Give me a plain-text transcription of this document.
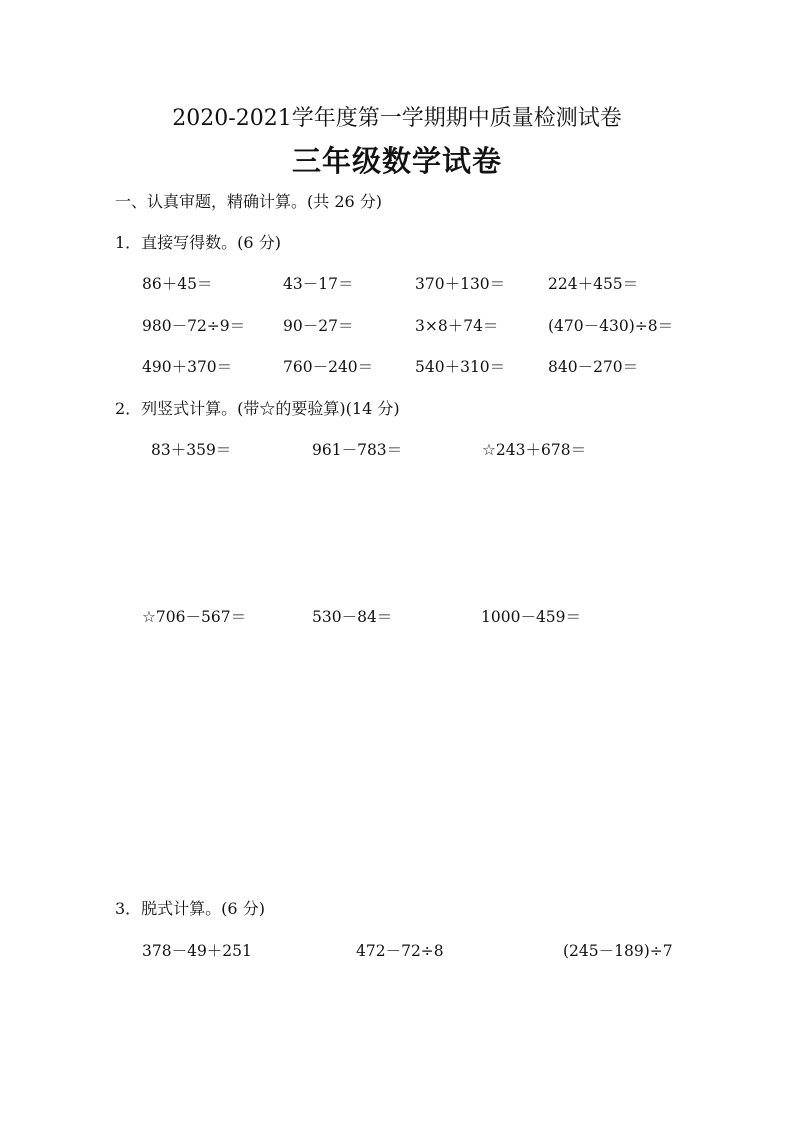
2020-2021学年度第一学期期中质量检测试卷
三年级数学试卷
一、认真审题，精确计算。(共 26 分)
1．直接写得数。(6 分)
86＋45＝	43－17＝	370＋130＝	224＋455＝
980－72÷9＝ 90－27＝	3×8＋74＝	(470－430)÷8＝
490＋370＝	760－240＝	540＋310＝	840－270＝
2．列竖式计算。(带☆的要验算)(14 分)
83＋359＝	961－783＝	☆243＋678＝
☆706－567＝	530－84＝	1000－459＝
3．脱式计算。(6 分)
378－49＋251	472－72÷8	(245－189)÷7
